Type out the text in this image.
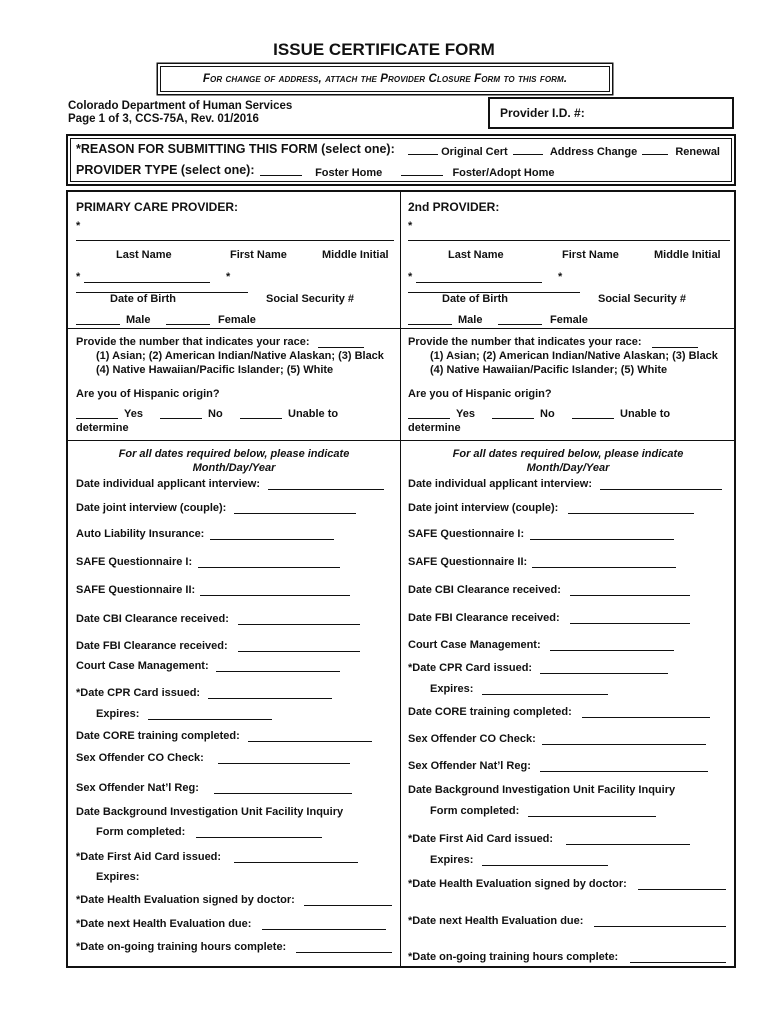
ISSUE CERTIFICATE FORM
For change of address, attach the Provider Closure Form to this form.
Colorado Department of Human Services
Page 1 of 3, CCS-75A, Rev. 01/2016	Provider I.D. #:
*REASON FOR SUBMITTING THIS FORM (select one):	Original Cert	Address Change	Renewal
PROVIDER TYPE (select one):	Foster Home	Foster/Adopt Home
PRIMARY CARE PROVIDER:
*
Last Name	First Name	Middle Initial
*	*
Date of Birth	Social Security #
Male	Female
2nd PROVIDER:
*
Last Name	First Name	Middle Initial
*	*
Date of Birth	Social Security #
Male	Female
Provide the number that indicates your race:
(1) Asian; (2) American Indian/Native Alaskan; (3) Black
(4) Native Hawaiian/Pacific Islander; (5) White
Are you of Hispanic origin?
Yes	No	Unable to
determine
Provide the number that indicates your race:
(1) Asian; (2) American Indian/Native Alaskan; (3) Black
(4) Native Hawaiian/Pacific Islander; (5) White
Are you of Hispanic origin?
Yes	No	Unable to
determine
For all dates required below, please indicate
Month/Day/Year
For all dates required below, please indicate
Month/Day/Year
Date individual applicant interview:
Date joint interview (couple):
Auto Liability Insurance:
SAFE Questionnaire I:
SAFE Questionnaire II:
Date CBI Clearance received:
Date FBI Clearance received:
Court Case Management:
*Date CPR Card issued:
Expires:
Date CORE training completed:
Sex Offender CO Check:
Sex Offender Nat’l Reg:
Date Background Investigation Unit Facility Inquiry
Form completed:
*Date First Aid Card issued:
Expires:
*Date Health Evaluation signed by doctor:
*Date next Health Evaluation due:
*Date on-going training hours complete:
Date individual applicant interview:
Date joint interview (couple):
SAFE Questionnaire I:
SAFE Questionnaire II:
Date CBI Clearance received:
Date FBI Clearance received:
Court Case Management:
*Date CPR Card issued:
Expires:
Date CORE training completed:
Sex Offender CO Check:
Sex Offender Nat’l Reg:
Date Background Investigation Unit Facility Inquiry
Form completed:
*Date First Aid Card issued:
Expires:
*Date Health Evaluation signed by doctor:
*Date next Health Evaluation due:
*Date on-going training hours complete:
